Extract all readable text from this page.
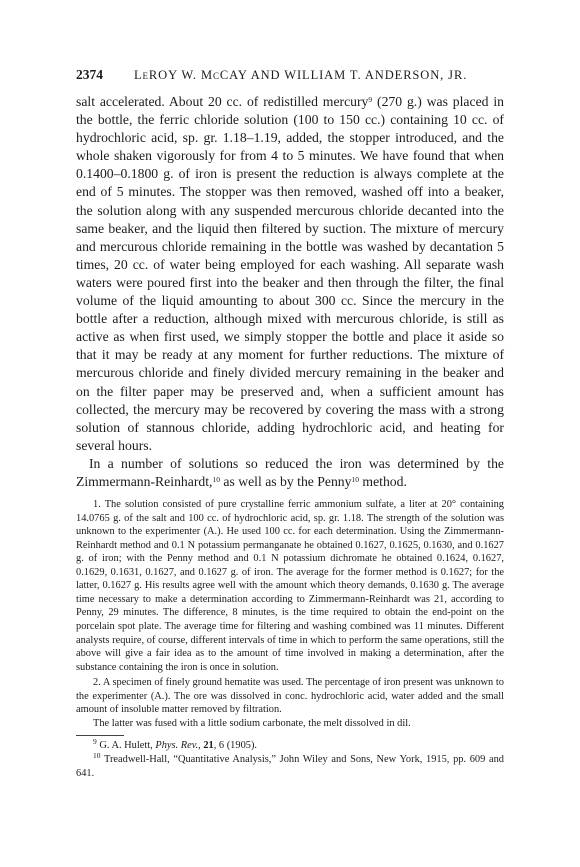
2374	LeROY W. McCAY AND WILLIAM T. ANDERSON, JR.

salt accelerated. About 20 cc. of redistilled mercury$^9$ (270 g.) was placed in the bottle, the ferric chloride solution (100 to 150 cc.) containing 10 cc. of hydrochloric acid, sp. gr. 1.18–1.19, added, the stopper introduced, and the whole shaken vigorously for from 4 to 5 minutes. We have found that when 0.1400–0.1800 g. of iron is present the reduction is always complete at the end of 5 minutes. The stopper was then removed, washed off into a beaker, the solution along with any suspended mercurous chloride decanted into the same beaker, and the liquid then filtered by suction. The mixture of mercury and mercurous chloride remaining in the bottle was washed by decantation 5 times, 20 cc. of water being employed for each washing. All separate wash waters were poured first into the beaker and then through the filter, the final volume of the liquid amounting to about 300 cc. Since the mercury in the bottle after a reduction, although mixed with mercurous chloride, is still as active as when first used, we simply stopper the bottle and place it aside so that it may be ready at any moment for further reductions. The mixture of mercurous chloride and finely divided mercury remaining in the beaker and on the filter paper may be preserved and, when a sufficient amount has collected, the mercury may be recovered by covering the mass with a strong solution of stannous chloride, adding hydrochloric acid, and heating for several hours.

In a number of solutions so reduced the iron was determined by the Zimmermann-Reinhardt,$^{10}$ as well as by the Penny$^{10}$ method.

1. The solution consisted of pure crystalline ferric ammonium sulfate, a liter at 20° containing 14.0765 g. of the salt and 100 cc. of hydrochloric acid, sp. gr. 1.18. The strength of the solution was unknown to the experimenter (A.). He used 100 cc. for each determination. Using the Zimmermann-Reinhardt method and 0.1 N potassium permanganate he obtained 0.1627, 0.1625, 0.1630, and 0.1627 g. of iron; with the Penny method and 0.1 N potassium dichromate he obtained 0.1624, 0.1627, 0.1629, 0.1631, 0.1627, and 0.1627 g. of iron. The average for the former method is 0.1627; for the latter, 0.1627 g. His results agree well with the amount which theory demands, 0.1630 g. The average time necessary to make a determination according to Zimmermann-Reinhardt was 21, according to Penny, 29 minutes. The difference, 8 minutes, is the time required to obtain the end-point on the porcelain spot plate. The average time for filtering and washing combined was 11 minutes. Different analysts require, of course, different intervals of time in which to perform the same operations, still the above will give a fair idea as to the amount of time involved in making a determination, after the substance containing the iron is once in solution.

2. A specimen of finely ground hematite was used. The percentage of iron present was unknown to the experimenter (A.). The ore was dissolved in conc. hydrochloric acid, water added and the small amount of insoluble matter removed by filtration.

The latter was fused with a little sodium carbonate, the melt dissolved in dil.

$^9$ G. A. Hulett, Phys. Rev., 21, 6 (1905).

$^{10}$ Treadwell-Hall, “Quantitative Analysis,” John Wiley and Sons, New York, 1915, pp. 609 and 641.
